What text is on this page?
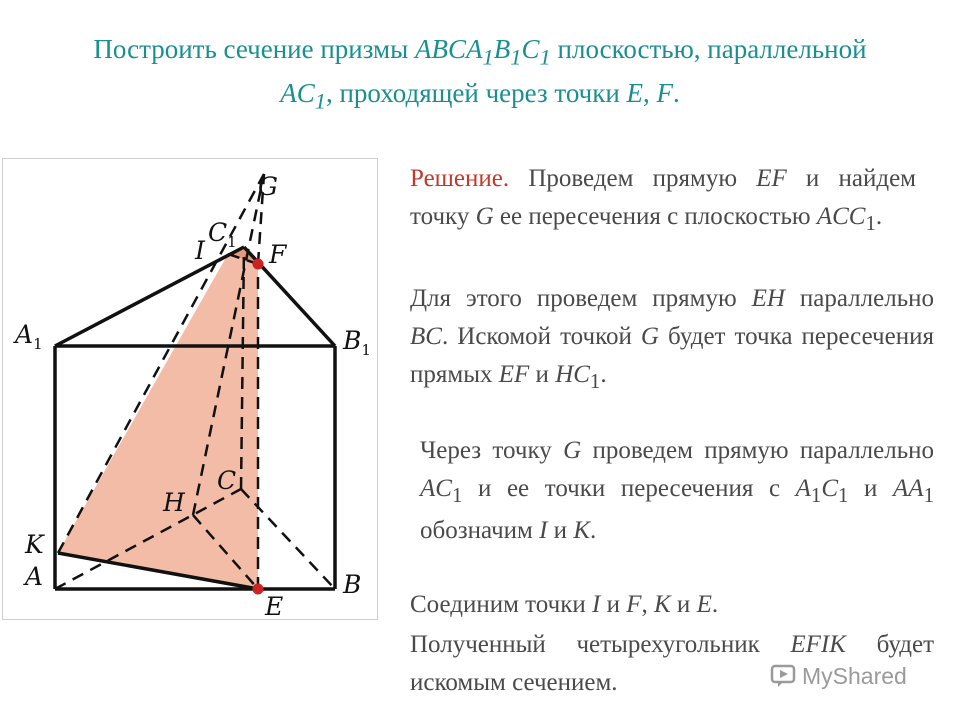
Построить сечение призмы $ABCA_1B_1C_1$ плоскостью, параллельной
$AC_1$, проходящей через точки E, F.
G
$C_1$
I	F
$A_1$	$B_1$
C
H
K
A	B
E
Решение. Проведем прямую EF и найдем точку G ее пересечения с плоскостью $ACC_1$.
Для этого проведем прямую EH параллельно BC. Искомой точкой G будет точка пересечения прямых EF и $HC_1$.
Через точку G проведем прямую параллельно $AC_1$ и ее точки пересечения с $A_1C_1$ и $AA_1$ обозначим I и K.
Соединим точки I и F, K и E.
Полученный четырехугольник EFIK будет искомым сечением.	MyShared
